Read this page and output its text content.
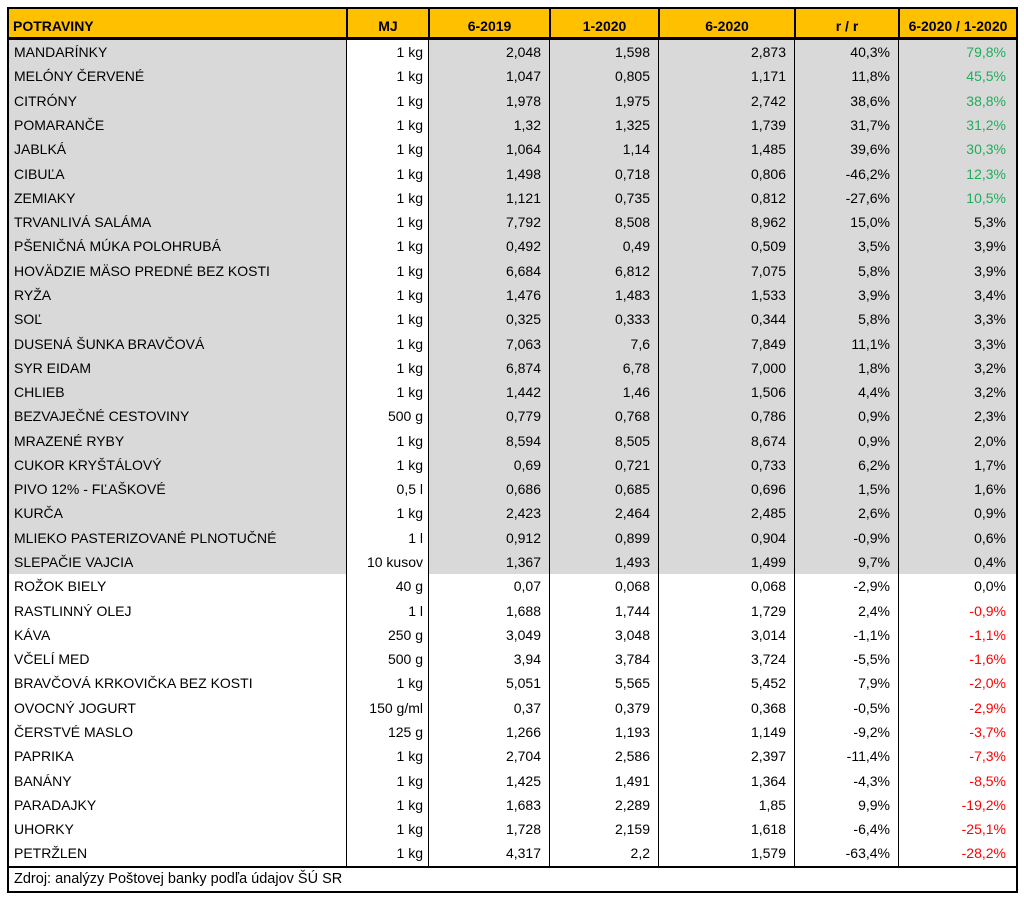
POTRAVINY	MJ	6-2019	1-2020	6-2020	r / r	6-2020 / 1-2020
MANDARÍNKY	1 kg	2,048	1,598	2,873	40,3%	79,8%
MELÓNY ČERVENÉ	1 kg	1,047	0,805	1,171	11,8%	45,5%
CITRÓNY	1 kg	1,978	1,975	2,742	38,6%	38,8%
POMARANČE	1 kg	1,32	1,325	1,739	31,7%	31,2%
JABLKÁ	1 kg	1,064	1,14	1,485	39,6%	30,3%
CIBUĽA	1 kg	1,498	0,718	0,806	-46,2%	12,3%
ZEMIAKY	1 kg	1,121	0,735	0,812	-27,6%	10,5%
TRVANLIVÁ SALÁMA	1 kg	7,792	8,508	8,962	15,0%	5,3%
PŠENIČNÁ MÚKA POLOHRUBÁ	1 kg	0,492	0,49	0,509	3,5%	3,9%
HOVÄDZIE MÄSO PREDNÉ BEZ KOSTI	1 kg	6,684	6,812	7,075	5,8%	3,9%
RYŽA	1 kg	1,476	1,483	1,533	3,9%	3,4%
SOĽ	1 kg	0,325	0,333	0,344	5,8%	3,3%
DUSENÁ ŠUNKA BRAVČOVÁ	1 kg	7,063	7,6	7,849	11,1%	3,3%
SYR EIDAM	1 kg	6,874	6,78	7,000	1,8%	3,2%
CHLIEB	1 kg	1,442	1,46	1,506	4,4%	3,2%
BEZVAJEČNÉ CESTOVINY	500 g	0,779	0,768	0,786	0,9%	2,3%
MRAZENÉ RYBY	1 kg	8,594	8,505	8,674	0,9%	2,0%
CUKOR KRYŠTÁLOVÝ	1 kg	0,69	0,721	0,733	6,2%	1,7%
PIVO 12% - FĽAŠKOVÉ	0,5 l	0,686	0,685	0,696	1,5%	1,6%
KURČA	1 kg	2,423	2,464	2,485	2,6%	0,9%
MLIEKO PASTERIZOVANÉ PLNOTUČNÉ	1 l	0,912	0,899	0,904	-0,9%	0,6%
SLEPAČIE VAJCIA	10 kusov	1,367	1,493	1,499	9,7%	0,4%
ROŽOK BIELY	40 g	0,07	0,068	0,068	-2,9%	0,0%
RASTLINNÝ OLEJ	1 l	1,688	1,744	1,729	2,4%	-0,9%
KÁVA	250 g	3,049	3,048	3,014	-1,1%	-1,1%
VČELÍ MED	500 g	3,94	3,784	3,724	-5,5%	-1,6%
BRAVČOVÁ KRKOVIČKA BEZ KOSTI	1 kg	5,051	5,565	5,452	7,9%	-2,0%
OVOCNÝ JOGURT	150 g/ml	0,37	0,379	0,368	-0,5%	-2,9%
ČERSTVÉ MASLO	125 g	1,266	1,193	1,149	-9,2%	-3,7%
PAPRIKA	1 kg	2,704	2,586	2,397	-11,4%	-7,3%
BANÁNY	1 kg	1,425	1,491	1,364	-4,3%	-8,5%
PARADAJKY	1 kg	1,683	2,289	1,85	9,9%	-19,2%
UHORKY	1 kg	1,728	2,159	1,618	-6,4%	-25,1%
PETRŽLEN	1 kg	4,317	2,2	1,579	-63,4%	-28,2%
Zdroj: analýzy Poštovej banky podľa údajov ŠÚ SR
